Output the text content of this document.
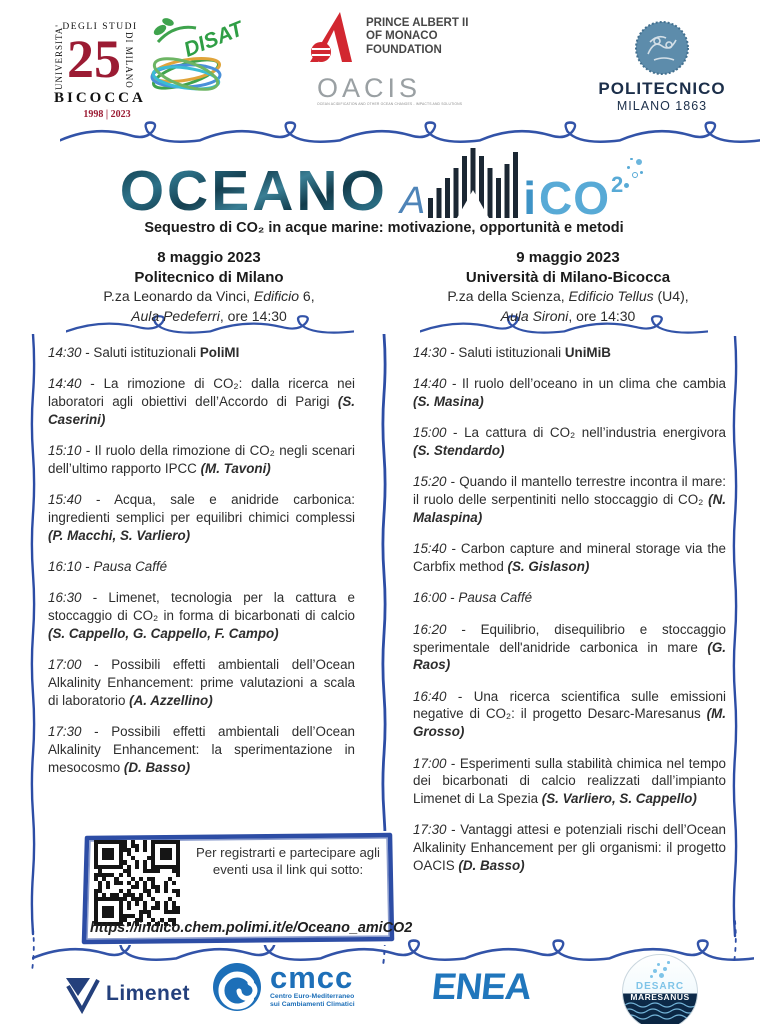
DEGLI STUDI
UNIVERSITA' 25 DI MILANO
BICOCCA
1998 | 2023
DISAT	PRINCE ALBERT II
OF MONACO
FOUNDATION
OACIS
OCEAN ACIDIFICATION AND OTHER OCEAN CHANGES - IMPACTS AND SOLUTIONS
POLITECNICO
MILANO 1863
OCEANO A i CO 2
Sequestro di CO₂ in acque marine: motivazione, opportunità e metodi
8 maggio 2023
Politecnico di Milano
P.za Leonardo da Vinci, Edificio 6,
Aula Pedeferri, ore 14:30
9 maggio 2023
Università di Milano-Bicocca
P.za della Scienza, Edificio Tellus (U4),
Aula Sironi, ore 14:30

14:30 - Saluti istituzionali PoliMI

14:40 - La rimozione di CO₂: dalla ricerca nei laboratori agli obiettivi dell’Accordo di Parigi (S. Caserini)

15:10 - Il ruolo della rimozione di CO₂ negli scenari dell’ultimo rapporto IPCC (M. Tavoni)

15:40 - Acqua, sale e anidride carbonica: ingredienti semplici per equilibri chimici complessi (P. Macchi, S. Varliero)

16:10 - Pausa Caffé

16:30 - Limenet, tecnologia per la cattura e stoccaggio di CO₂ in forma di bicarbonati di calcio (S. Cappello, G. Cappello, F. Campo)

17:00 - Possibili effetti ambientali dell’Ocean Alkalinity Enhancement: prime valutazioni a scala di laboratorio (A. Azzellino)

17:30 - Possibili effetti ambientali dell’Ocean Alkalinity Enhancement: la sperimentazione in mesocosmo (D. Basso)

14:30 - Saluti istituzionali UniMiB

14:40 - Il ruolo dell’oceano in un clima che cambia (S. Masina)

15:00 - La cattura di CO₂ nell’industria energivora (S. Stendardo)

15:20 - Quando il mantello terrestre incontra il mare: il ruolo delle serpentiniti nello stoccaggio di CO₂ (N. Malaspina)

15:40 - Carbon capture and mineral storage via the Carbfix method (S. Gislason)

16:00 - Pausa Caffé

16:20 - Equilibrio, disequilibrio e stoccaggio sperimentale dell'anidride carbonica in mare (G. Raos)

16:40 - Una ricerca scientifica sulle emissioni negative di CO₂: il progetto Desarc-Maresanus (M. Grosso)

17:00 - Esperimenti sulla stabilità chimica nel tempo dei bicarbonati di calcio realizzati dall’impianto Limenet di La Spezia (S. Varliero, S. Cappello)

17:30 - Vantaggi attesi e potenziali rischi dell’Ocean Alkalinity Enhancement per gli organismi: il progetto OACIS (D. Basso)

Per registrarti e partecipare agli eventi usa il link qui sotto:
https://indico.chem.polimi.it/e/Oceano_amiCO2
Limenet	cmcc
Centro Euro-Mediterraneo
sui Cambiamenti Climatici ENEA	DESARC
MARESANUS
